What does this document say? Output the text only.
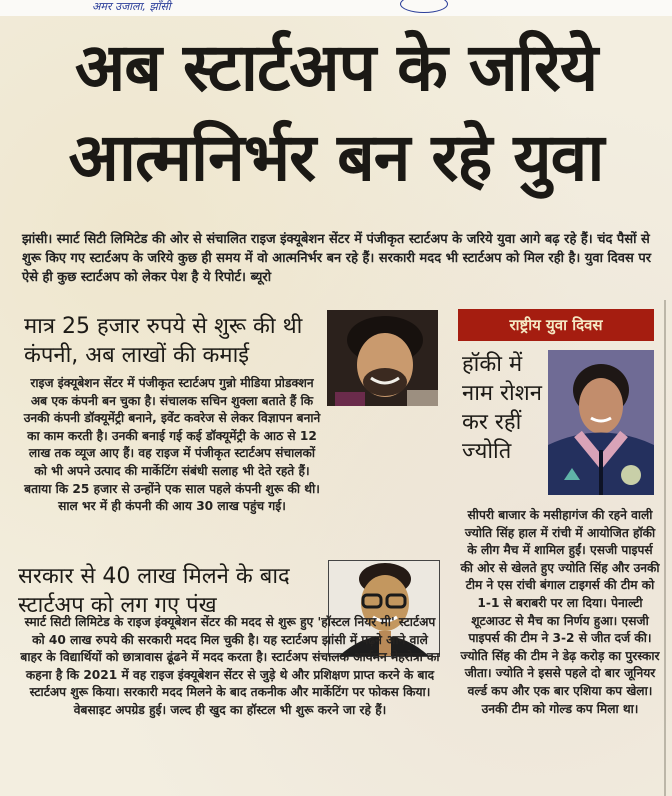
अमर उजाला, झाँसी
अब स्टार्टअप के जरिये
आत्मनिर्भर बन रहे युवा
झांसी। स्मार्ट सिटी लिमिटेड की ओर से संचालित राइज इंक्यूबेशन सेंटर में पंजीकृत स्टार्टअप के जरिये युवा आगे बढ़ रहे हैं। चंद पैसों से शुरू किए गए स्टार्टअप के जरिये कुछ ही समय में वो आत्मनिर्भर बन रहे हैं। सरकारी मदद भी स्टार्टअप को मिल रही है। युवा दिवस पर ऐसे ही कुछ स्टार्टअप को लेकर पेश है ये रिपोर्ट। ब्यूरो
मात्र 25 हजार रुपये से शुरू की थी कंपनी, अब लाखों की कमाई
राइज इंक्यूबेशन सेंटर में पंजीकृत स्टार्टअप गुन्नो मीडिया प्रोडक्शन अब एक कंपनी बन चुका है। संचालक सचिन शुक्ला बताते हैं कि उनकी कंपनी डॉक्यूमेंट्री बनाने, इवेंट कवरेज से लेकर विज्ञापन बनाने का काम करती है। उनकी बनाई गई कई डॉक्यूमेंट्री के आठ से 12 लाख तक व्यूज आए हैं। वह राइज में पंजीकृत स्टार्टअप संचालकों को भी अपने उत्पाद की मार्केटिंग संबंधी सलाह भी देते रहते हैं। बताया कि 25 हजार से उन्होंने एक साल पहले कंपनी शुरू की थी। साल भर में ही कंपनी की आय 30 लाख पहुंच गई।
सरकार से 40 लाख मिलने के बाद स्टार्टअप को लग गए पंख
स्मार्ट सिटी लिमिटेड के राइज इंक्यूबेशन सेंटर की मदद से शुरू हुए 'हॉस्टल नियर मी' स्टार्टअप को 40 लाख रुपये की सरकारी मदद मिल चुकी है। यह स्टार्टअप झांसी में पढ़ने आने वाले बाहर के विद्यार्थियों को छात्रावास ढूंढने में मदद करता है। स्टार्टअप संचालक आर्यमन मेहरोत्रा का कहना है कि 2021 में वह राइज इंक्यूबेशन सेंटर से जुड़े थे और प्रशिक्षण प्राप्त करने के बाद स्टार्टअप शुरू किया। सरकारी मदद मिलने के बाद तकनीक और मार्केटिंग पर फोकस किया। वेबसाइट अपग्रेड हुई। जल्द ही खुद का हॉस्टल भी शुरू करने जा रहे हैं।
राष्ट्रीय युवा दिवस
हॉकी में नाम रोशन कर रहीं ज्योति
सीपरी बाजार के मसीहागंज की रहने वाली ज्योति सिंह हाल में रांची में आयोजित हॉकी के लीग मैच में शामिल हुईं। एसजी पाइपर्स की ओर से खेलते हुए ज्योति सिंह और उनकी टीम ने एस रांची बंगाल टाइगर्स की टीम को 1-1 से बराबरी पर ला दिया। पेनाल्टी शूटआउट से मैच का निर्णय हुआ। एसजी पाइपर्स की टीम ने 3-2 से जीत दर्ज की। ज्योति सिंह की टीम ने डेढ़ करोड़ का पुरस्कार जीता। ज्योति ने इससे पहले दो बार जूनियर वर्ल्ड कप और एक बार एशिया कप खेला। उनकी टीम को गोल्ड कप मिला था।
